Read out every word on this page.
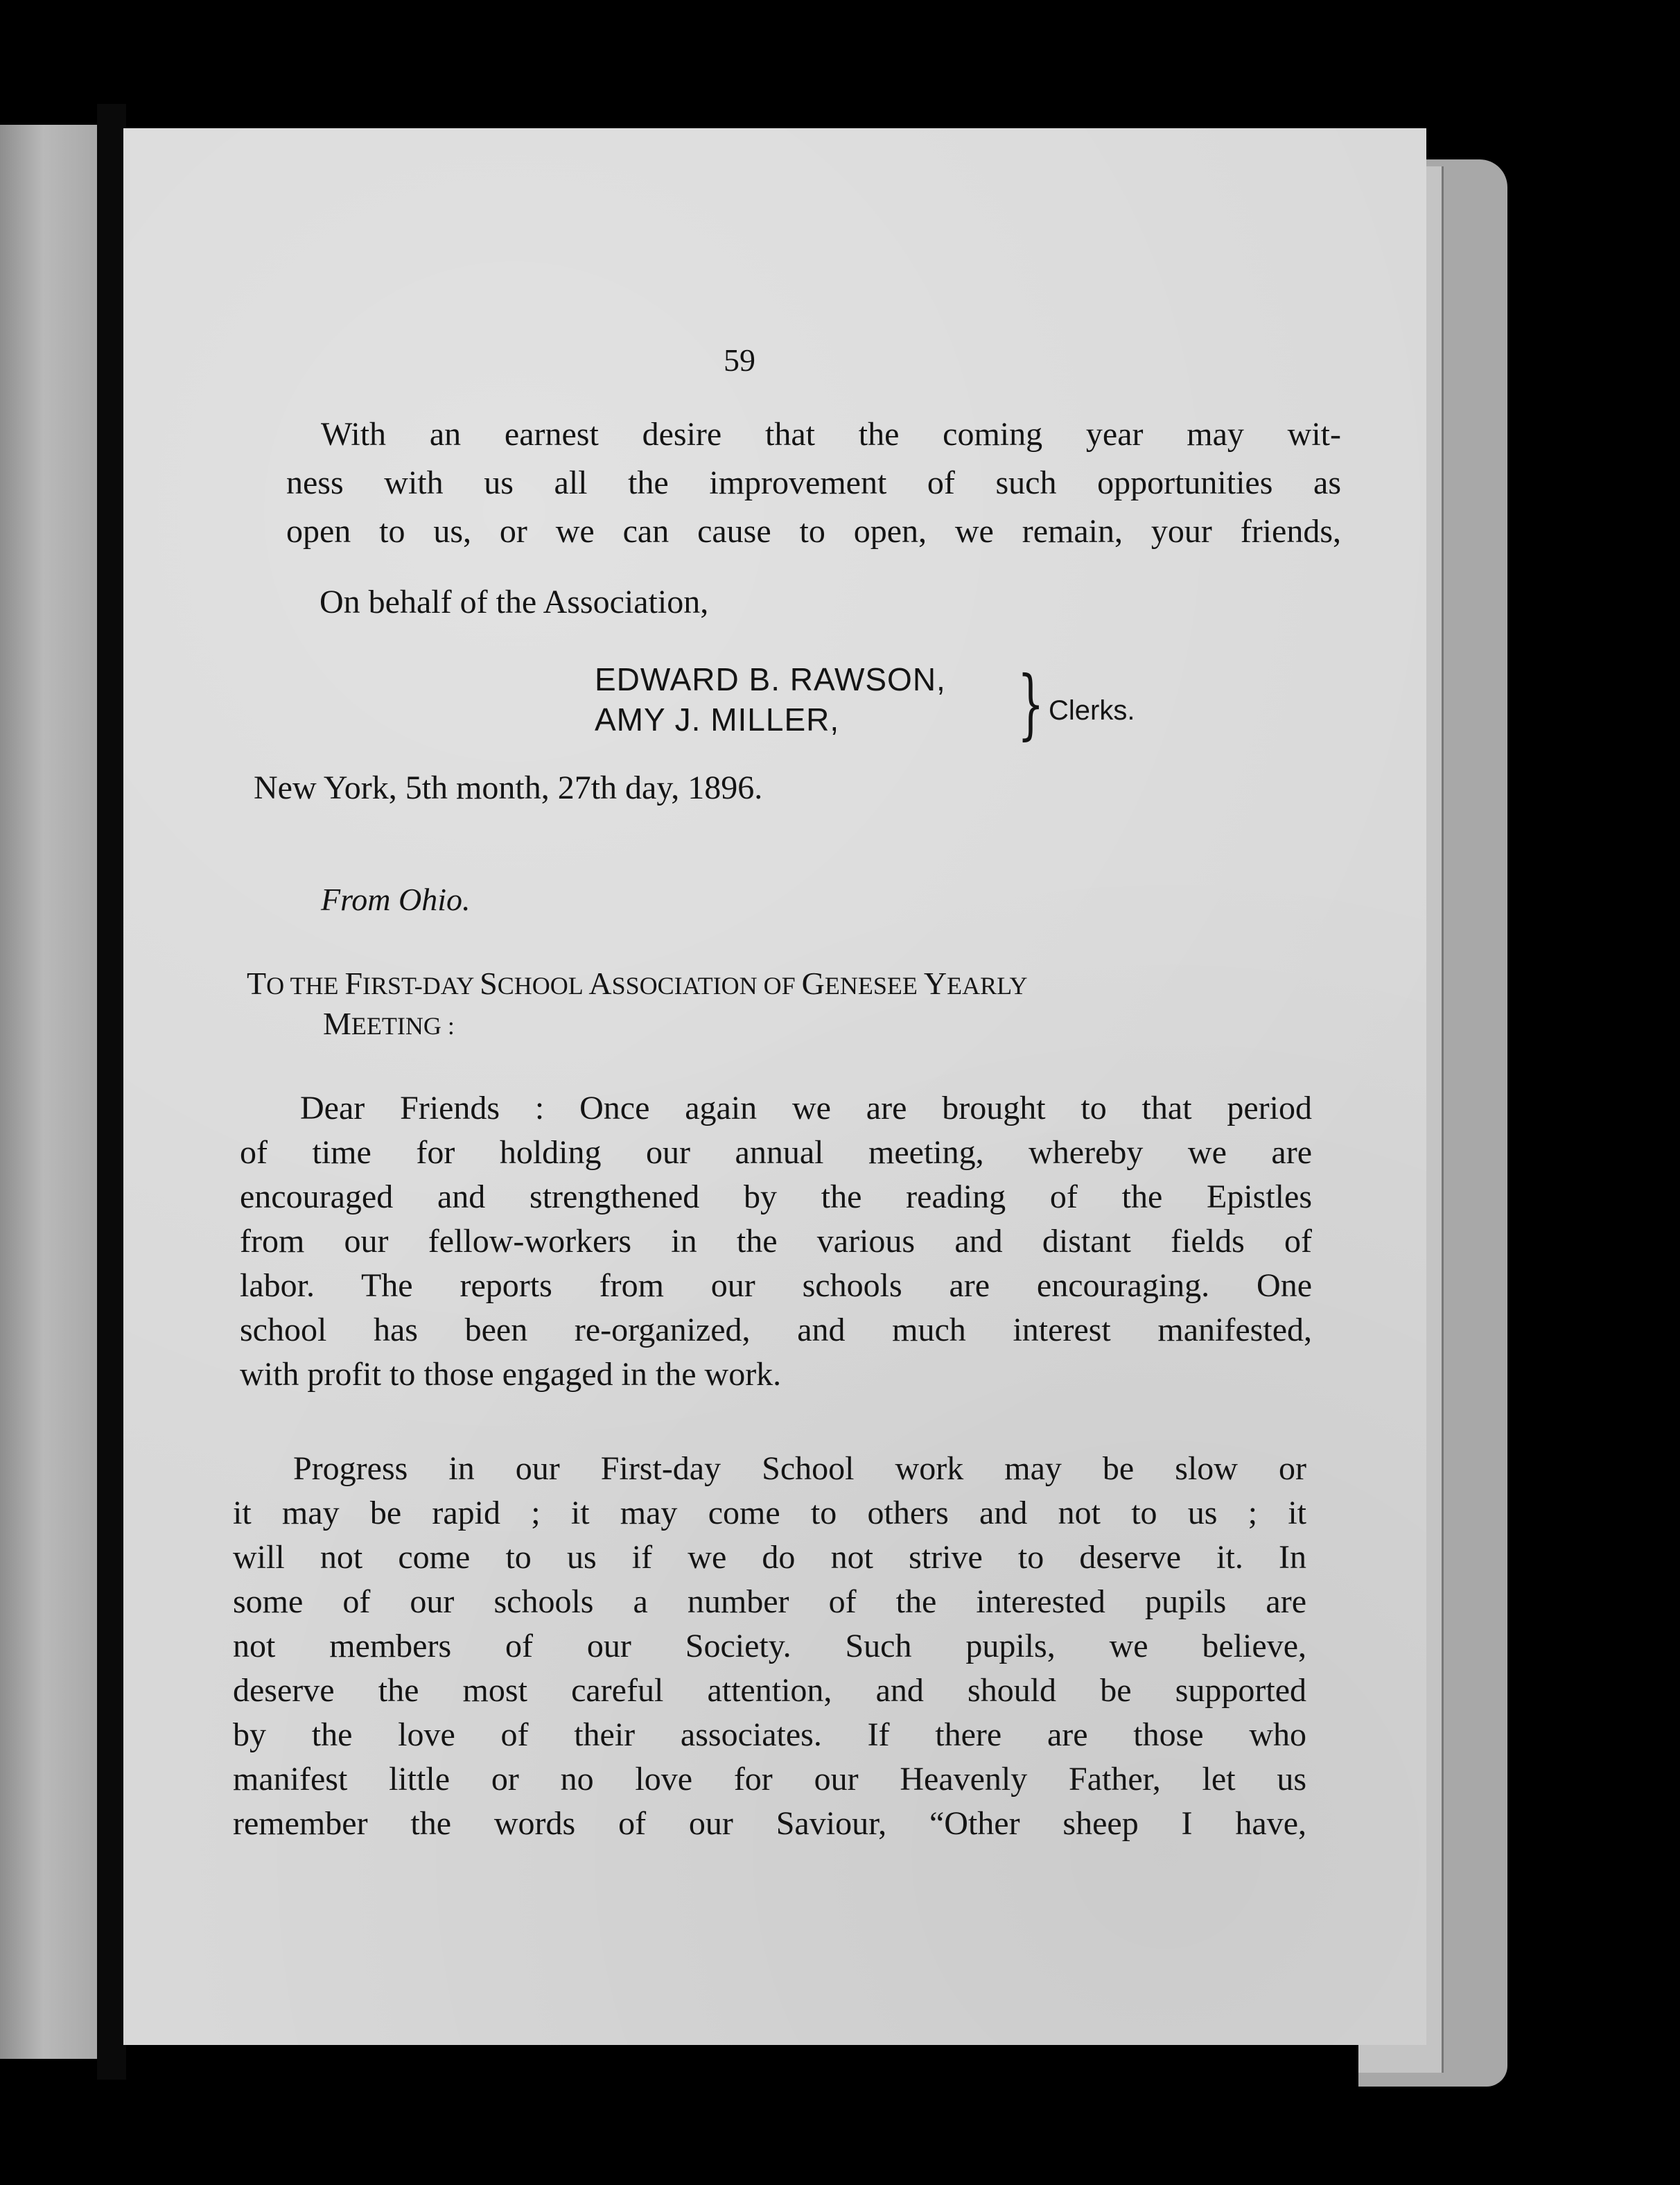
59
With an earnest desire that the coming year may wit-
ness with us all the improvement of such opportunities as
open to us, or we can cause to open, we remain, your friends,
On behalf of the Association,
EDWARD B. RAWSON,
AMY J. MILLER, } Clerks.
New York, 5th month, 27th day, 1896.
From Ohio.
TO THE FIRST-DAY SCHOOL ASSOCIATION OF GENESEE YEARLY
MEETING :
Dear Friends : Once again we are brought to that period
of time for holding our annual meeting, whereby we are
encouraged and strengthened by the reading of the Epistles
from our fellow-workers in the various and distant fields of
labor. The reports from our schools are encouraging. One
school has been re-organized, and much interest manifested,
with profit to those engaged in the work.
Progress in our First-day School work may be slow or
it may be rapid ; it may come to others and not to us ; it
will not come to us if we do not strive to deserve it. In
some of our schools a number of the interested pupils are
not members of our Society. Such pupils, we believe,
deserve the most careful attention, and should be supported
by the love of their associates. If there are those who
manifest little or no love for our Heavenly Father, let us
remember the words of our Saviour, “Other sheep I have,
